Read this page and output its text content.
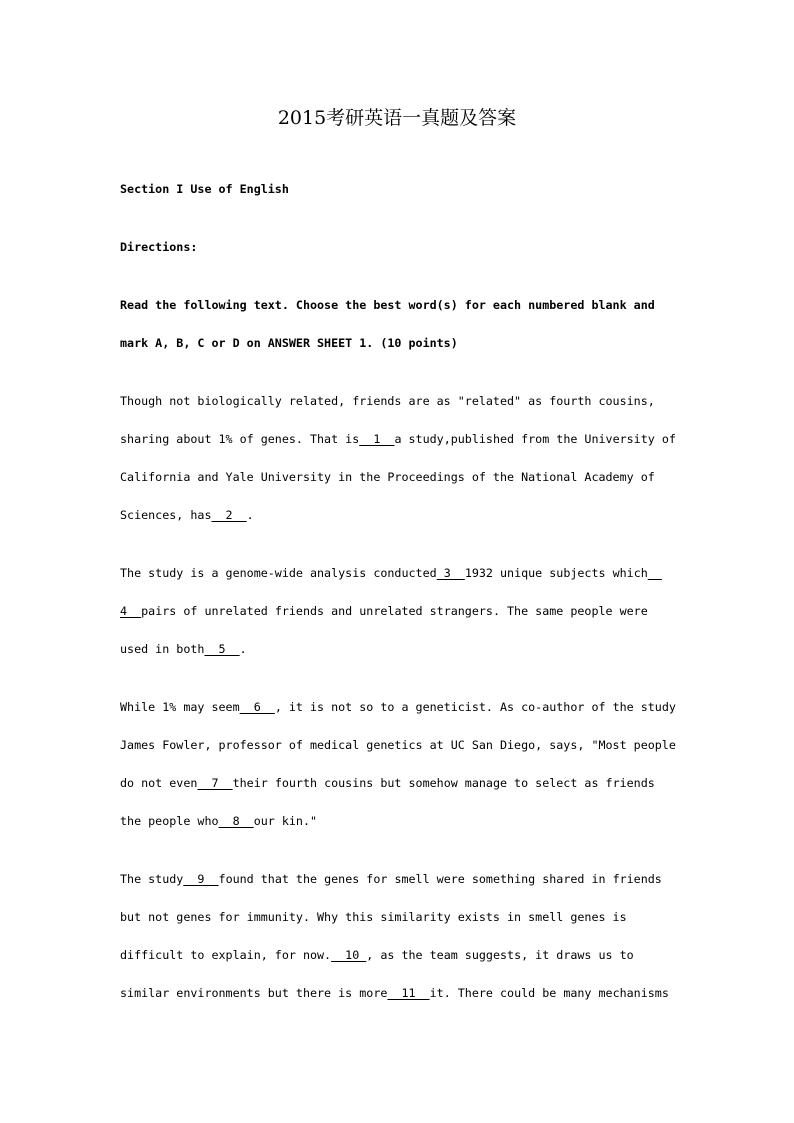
2015考研英语一真题及答案
Section I Use of English
Directions:
Read the following text. Choose the best word(s) for each numbered blank and
mark A, B, C or D on ANSWER SHEET 1. (10 points)
Though not biologically related, friends are as "related" as fourth cousins,
sharing about 1% of genes. That is  1  a study,published from the University of
California and Yale University in the Proceedings of the National Academy of
Sciences, has  2  .
The study is a genome-wide analysis conducted 3  1932 unique subjects which
4  pairs of unrelated friends and unrelated strangers. The same people were
used in both  5  .
While 1% may seem  6  , it is not so to a geneticist. As co-author of the study
James Fowler, professor of medical genetics at UC San Diego, says, "Most people
do not even  7  their fourth cousins but somehow manage to select as friends
the people who  8  our kin."
The study  9  found that the genes for smell were something shared in friends
but not genes for immunity. Why this similarity exists in smell genes is
difficult to explain, for now.  10 , as the team suggests, it draws us to
similar environments but there is more  11  it. There could be many mechanisms
